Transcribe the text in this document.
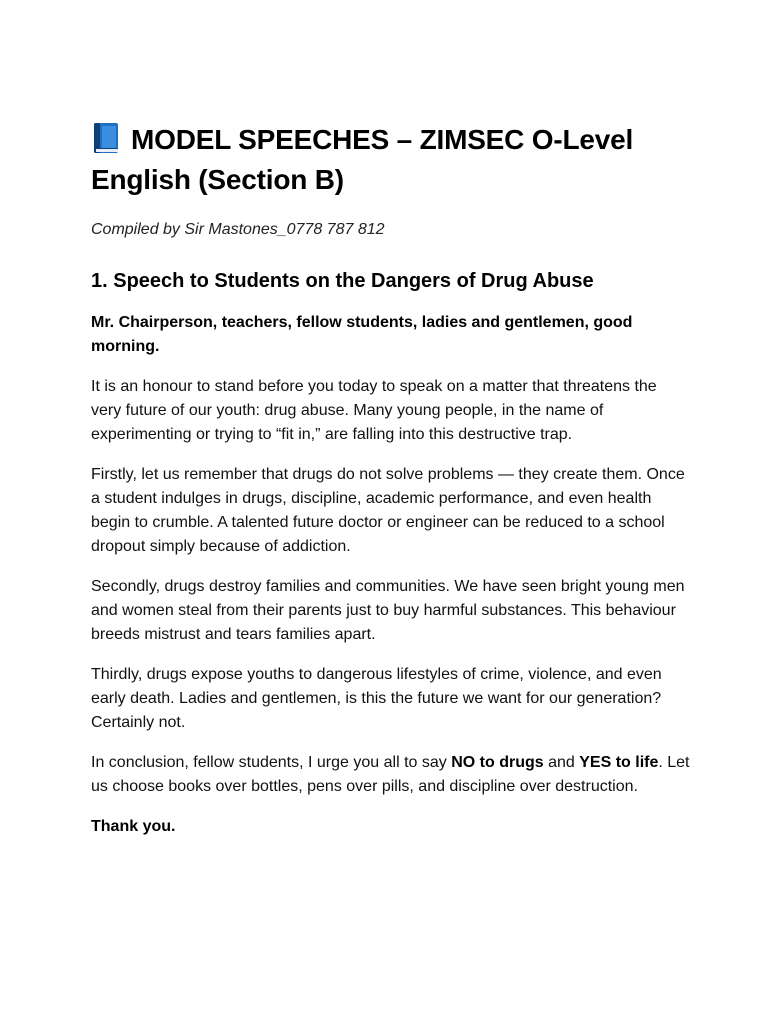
MODEL SPEECHES – ZIMSEC O-Level English (Section B)

Compiled by Sir Mastones_0778 787 812

1. Speech to Students on the Dangers of Drug Abuse

Mr. Chairperson, teachers, fellow students, ladies and gentlemen, good morning.

It is an honour to stand before you today to speak on a matter that threatens the very future of our youth: drug abuse. Many young people, in the name of experimenting or trying to “fit in,” are falling into this destructive trap.

Firstly, let us remember that drugs do not solve problems — they create them. Once a student indulges in drugs, discipline, academic performance, and even health begin to crumble. A talented future doctor or engineer can be reduced to a school dropout simply because of addiction.

Secondly, drugs destroy families and communities. We have seen bright young men and women steal from their parents just to buy harmful substances. This behaviour breeds mistrust and tears families apart.

Thirdly, drugs expose youths to dangerous lifestyles of crime, violence, and even early death. Ladies and gentlemen, is this the future we want for our generation? Certainly not.

In conclusion, fellow students, I urge you all to say NO to drugs and YES to life. Let us choose books over bottles, pens over pills, and discipline over destruction.

Thank you.
